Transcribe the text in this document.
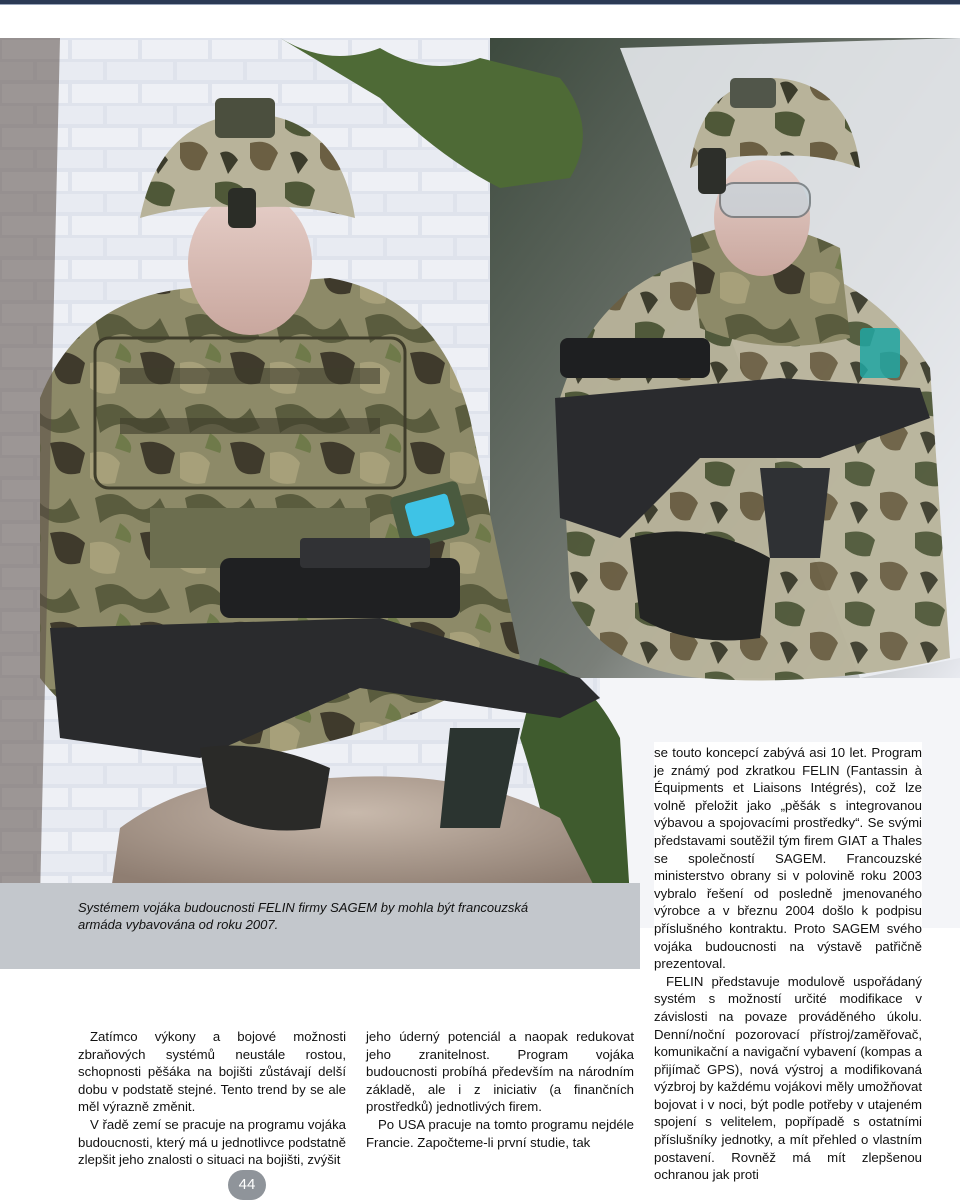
Systémem vojáka budoucnosti FELIN firmy SAGEM by mohla být francouzská armáda vybavována od roku 2007.

Zatímco výkony a bojové možnosti zbraňových systémů neustále rostou, schopnosti pěšáka na bojišti zůstávají delší dobu v podstatě stejné. Tento trend by se ale měl výrazně změnit.

V řadě zemí se pracuje na programu vojáka budoucnosti, který má u jednotlivce podstatně zlepšit jeho znalosti o situaci na bojišti, zvýšit

jeho úderný potenciál a naopak redukovat jeho zranitelnost. Program vojáka budoucnosti probíhá především na národním základě, ale i z iniciativ (a finančních prostředků) jednotlivých firem.

Po USA pracuje na tomto programu nejdéle Francie. Započteme-li první studie, tak

se touto koncepcí zabývá asi 10 let. Program je známý pod zkratkou FELIN (Fantassin à Équipments et Liaisons Intégrés), což lze volně přeložit jako „pěšák s integrovanou výbavou a spojovacími prostředky“. Se svými představami soutěžil tým firem GIAT a Thales se společností SAGEM. Francouzské ministerstvo obrany si v polovině roku 2003 vybralo řešení od posledně jmenovaného výrobce a v březnu 2004 došlo k podpisu příslušného kontraktu. Proto SAGEM svého vojáka budoucnosti na výstavě patřičně prezentoval.

FELIN představuje modulově uspořádaný systém s možností určité modifikace v závislosti na povaze prováděného úkolu. Denní/noční pozorovací přístroj/zaměřovač, komunikační a navigační vybavení (kompas a přijímač GPS), nová výstroj a modifikovaná výzbroj by každému vojákovi měly umožňovat bojovat i v noci, být podle potřeby v utajeném spojení s velitelem, popřípadě s ostatními příslušníky jednotky, a mít přehled o vlastním postavení. Rovněž má mít zlepšenou ochranou jak proti

44
